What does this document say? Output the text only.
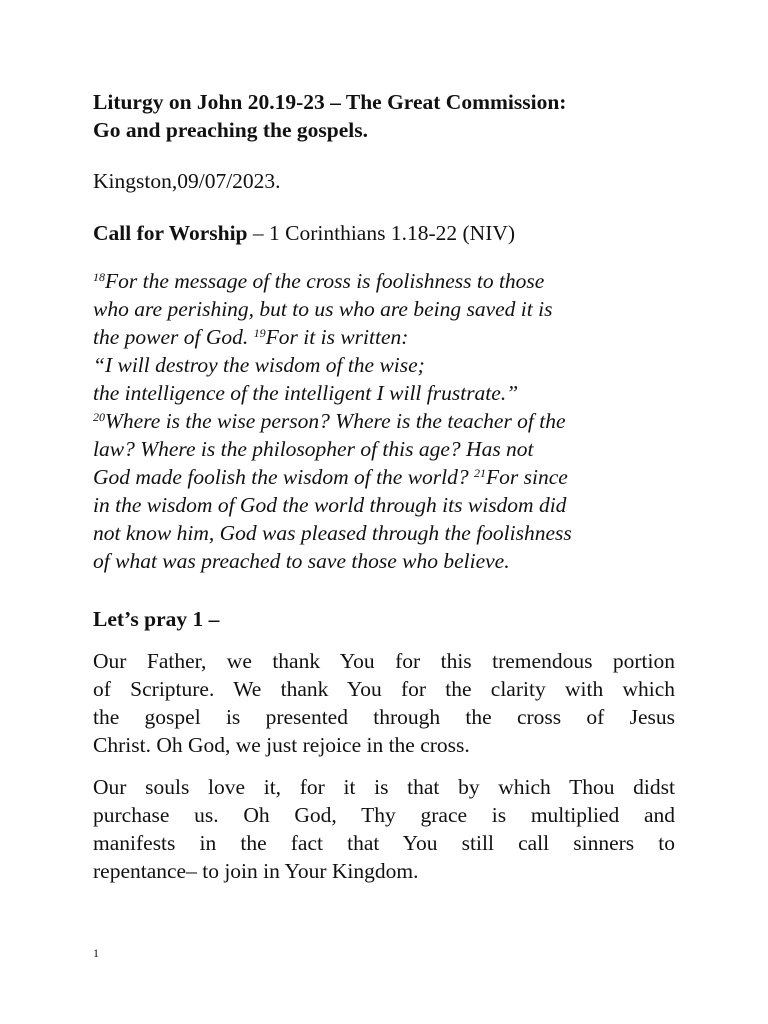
Liturgy on John 20.19-23 – The Great Commission:
Go and preaching the gospels.
Kingston,09/07/2023.
Call for Worship – 1 Corinthians 1.18-22 (NIV)
$^{18}$For the message of the cross is foolishness to those
who are perishing, but to us who are being saved it is
the power of God. $^{19}$For it is written:
“I will destroy the wisdom of the wise;
the intelligence of the intelligent I will frustrate.”
$^{20}$Where is the wise person? Where is the teacher of the
law? Where is the philosopher of this age? Has not
God made foolish the wisdom of the world? $^{21}$For since
in the wisdom of God the world through its wisdom did
not know him, God was pleased through the foolishness
of what was preached to save those who believe.
Let’s pray 1 –
Our Father, we thank You for this tremendous portion
of Scripture. We thank You for the clarity with which
the gospel is presented through the cross of Jesus
Christ. Oh God, we just rejoice in the cross.
Our souls love it, for it is that by which Thou didst
purchase us. Oh God, Thy grace is multiplied and
manifests in the fact that You still call sinners to
repentance– to join in Your Kingdom.
1
